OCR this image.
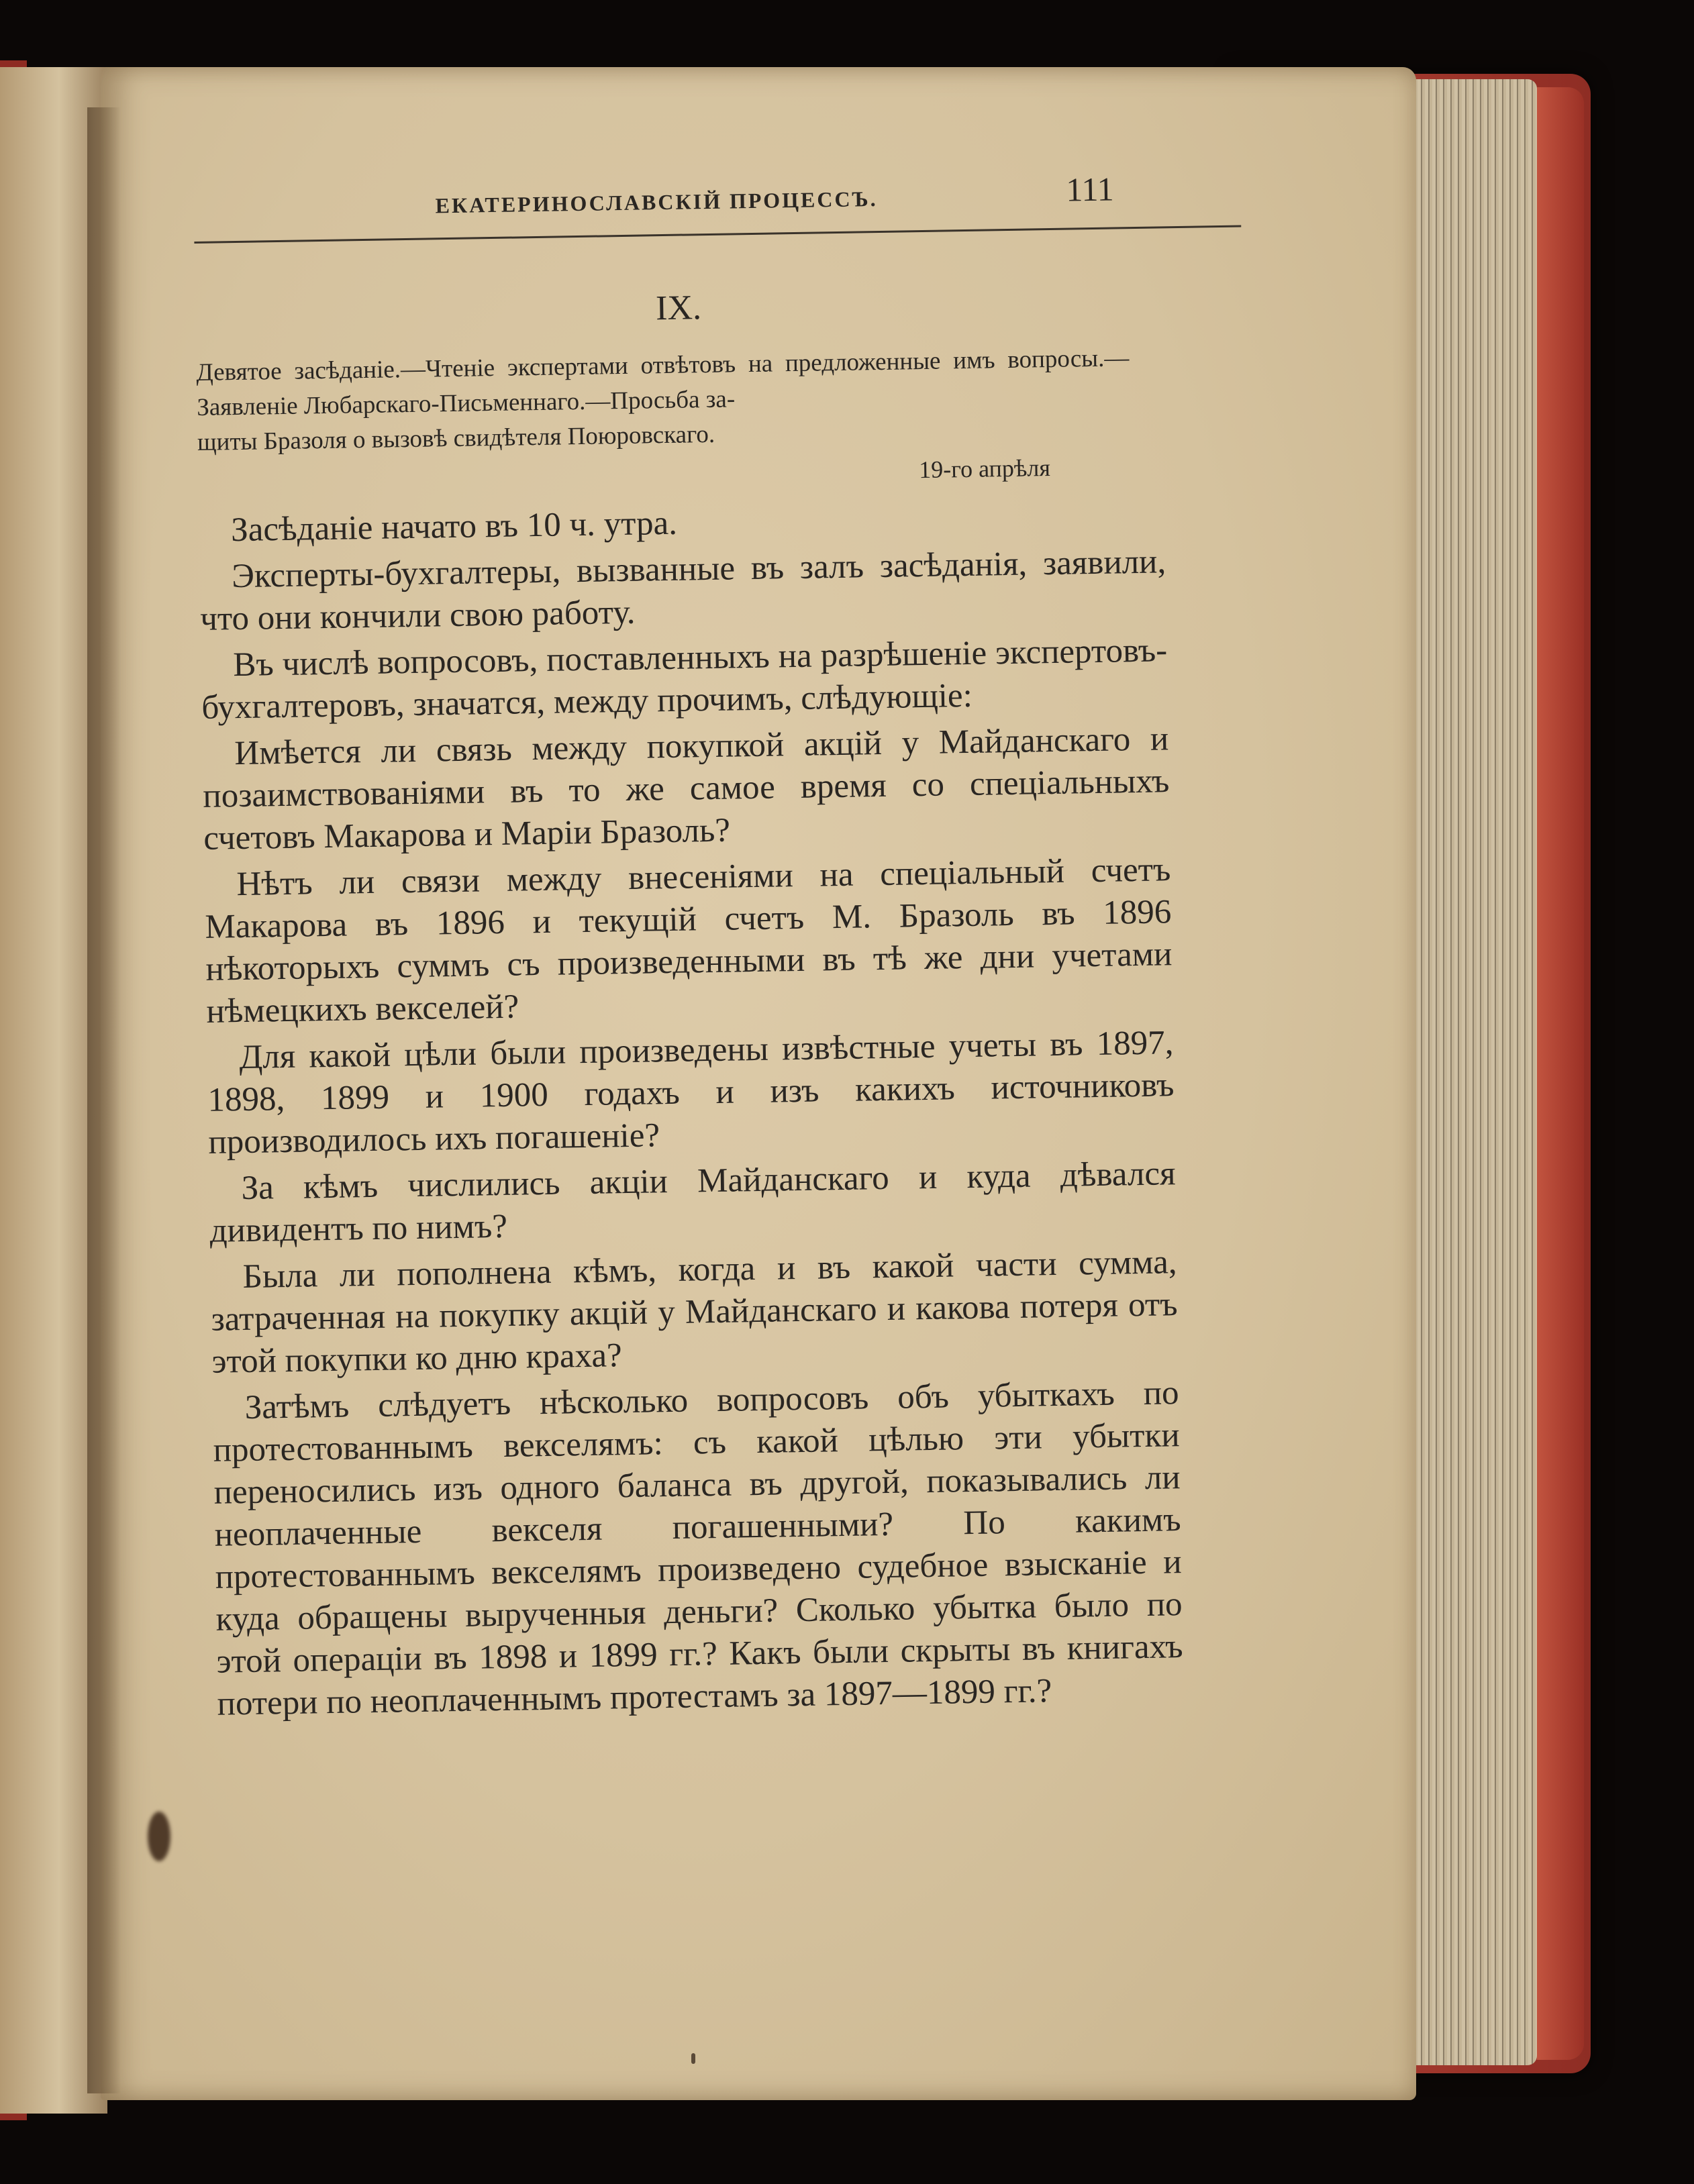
ЕКАТЕРИНОСЛАВСКІЙ ПРОЦЕССЪ.	111
IX.
Девятое засѣданіе.—Чтеніе экспертами отвѣтовъ на предложенные имъ вопросы.—Заявленіе Любарскаго-Письменнаго.—Просьба за-
щиты Бразоля о вызовѣ свидѣтеля Поюровскаго.
19-го апрѣля

Засѣданіе начато въ 10 ч. утра.

Эксперты-бухгалтеры, вызванные въ залъ засѣданія, заявили, что они кончили свою работу.

Въ числѣ вопросовъ, поставленныхъ на разрѣшеніе экспертовъ-бухгалтеровъ, значатся, между прочимъ, слѣдующіе:

Имѣется ли связь между покупкой акцій у Майданскаго и позаимствованіями въ то же самое время со спеціальныхъ счетовъ Макарова и Маріи Бразоль?

Нѣтъ ли связи между внесеніями на спеціальный счетъ Макарова въ 1896 и текущій счетъ М. Бразоль въ 1896 нѣкоторыхъ суммъ съ произведенными въ тѣ же дни учетами нѣмецкихъ векселей?

Для какой цѣли были произведены извѣстные учеты въ 1897, 1898, 1899 и 1900 годахъ и изъ какихъ источниковъ производилось ихъ погашеніе?

За кѣмъ числились акціи Майданскаго и куда дѣвался дивидентъ по нимъ?

Была ли пополнена кѣмъ, когда и въ какой части сумма, затраченная на покупку акцій у Майданскаго и какова потеря отъ этой покупки ко дню краха?

Затѣмъ слѣдуетъ нѣсколько вопросовъ объ убыткахъ по протестованнымъ векселямъ: съ какой цѣлью эти убытки переносились изъ одного баланса въ другой, показывались ли неоплаченные векселя погашенными? По какимъ протестованнымъ векселямъ произведено судебное взысканіе и куда обращены вырученныя деньги? Сколько убытка было по этой операціи въ 1898 и 1899 гг.? Какъ были скрыты въ книгахъ потери по неоплаченнымъ протестамъ за 1897—1899 гг.?
